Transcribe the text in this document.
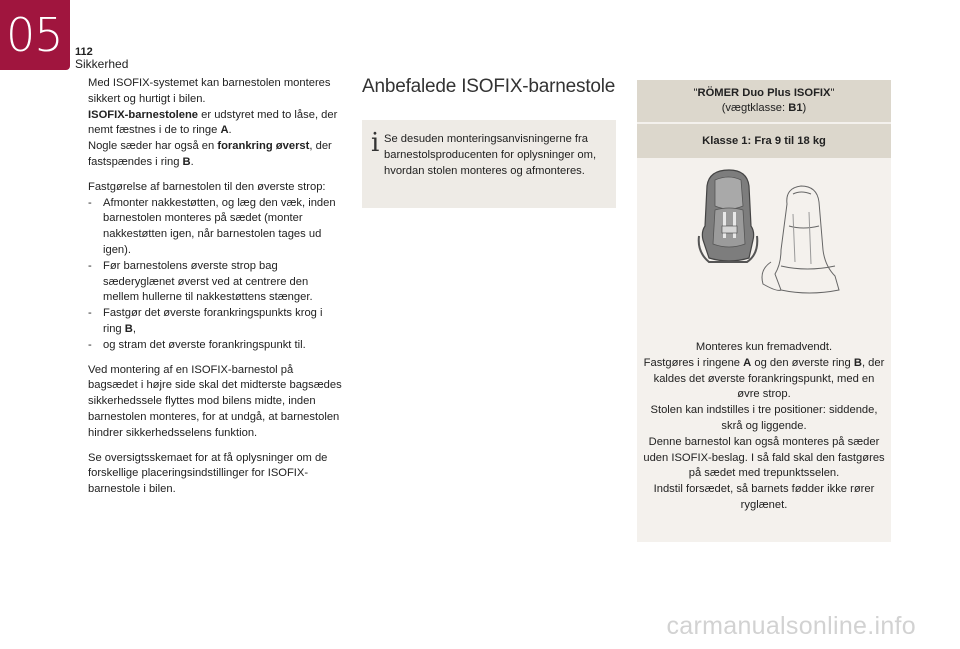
05 112
Sikkerhed

Med ISOFIX-systemet kan barnestolen monteres sikkert og hurtigt i bilen.
ISOFIX-barnestolene er udstyret med to låse, der nemt fæstnes i de to ringe A.
Nogle sæder har også en forankring øverst, der fastspændes i ring B.

Fastgørelse af barnestolen til den øverste strop:

- Afmonter nakkestøtten, og læg den væk, inden barnestolen monteres på sædet (monter nakkestøtten igen, når barnestolen tages ud igen).
- Før barnestolens øverste strop bag sæderyglænet øverst ved at centrere den mellem hullerne til nakkestøttens stænger.
- Fastgør det øverste forankringspunkts krog i ring B,
- og stram det øverste forankringspunkt til.

Ved montering af en ISOFIX-barnestol på bagsædet i højre side skal det midterste bagsædes sikkerhedssele flyttes mod bilens midte, inden barnestolen monteres, for at undgå, at barnestolen hindrer sikkerhedsselens funktion.

Se oversigtsskemaet for at få oplysninger om de forskellige placeringsindstillinger for ISOFIX-barnestole i bilen.

Anbefalede ISOFIX-barnestole
i Se desuden monteringsanvisningerne fra barnestolsproducenten for oplysninger om, hvordan stolen monteres og afmonteres.
"RÖMER Duo Plus ISOFIX"
(vægtklasse: B1)
Klasse 1: Fra 9 til 18 kg
Monteres kun fremadvendt.
Fastgøres i ringene A og den øverste ring B, der kaldes det øverste forankringspunkt, med en øvre strop.
Stolen kan indstilles i tre positioner: siddende, skrå og liggende.
Denne barnestol kan også monteres på sæder uden ISOFIX-beslag. I så fald skal den fastgøres på sædet med trepunktsselen.
Indstil forsædet, så barnets fødder ikke rører ryglænet.
carmanualsonline.info
